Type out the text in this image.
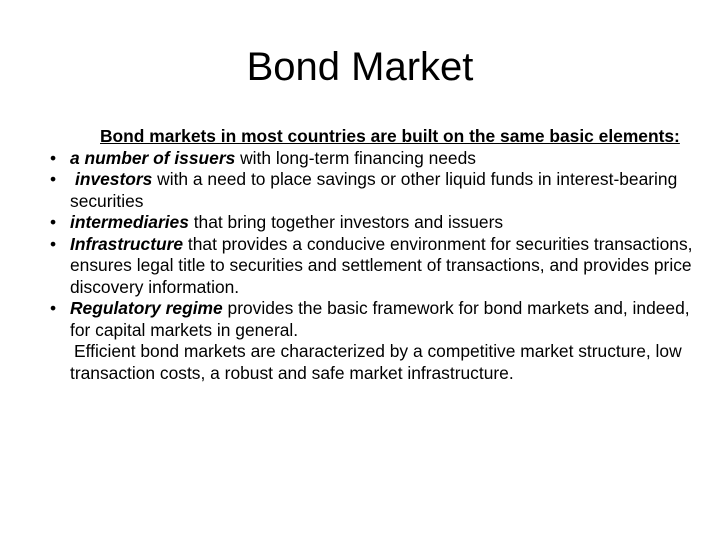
Bond Market
Bond markets in most countries are built on the same basic elements:
• a number of issuers with long-term financing needs
•	investors with a need to place savings or other liquid funds in interest-bearing securities
• intermediaries that bring together investors and issuers
• Infrastructure that provides a conducive environment for securities transactions, ensures legal title to securities and settlement of transactions, and provides price discovery information.
• Regulatory regime provides the basic framework for bond markets and, indeed, for capital markets in general.
Efficient bond markets are characterized by a competitive market structure, low transaction costs, a robust and safe market infrastructure.
